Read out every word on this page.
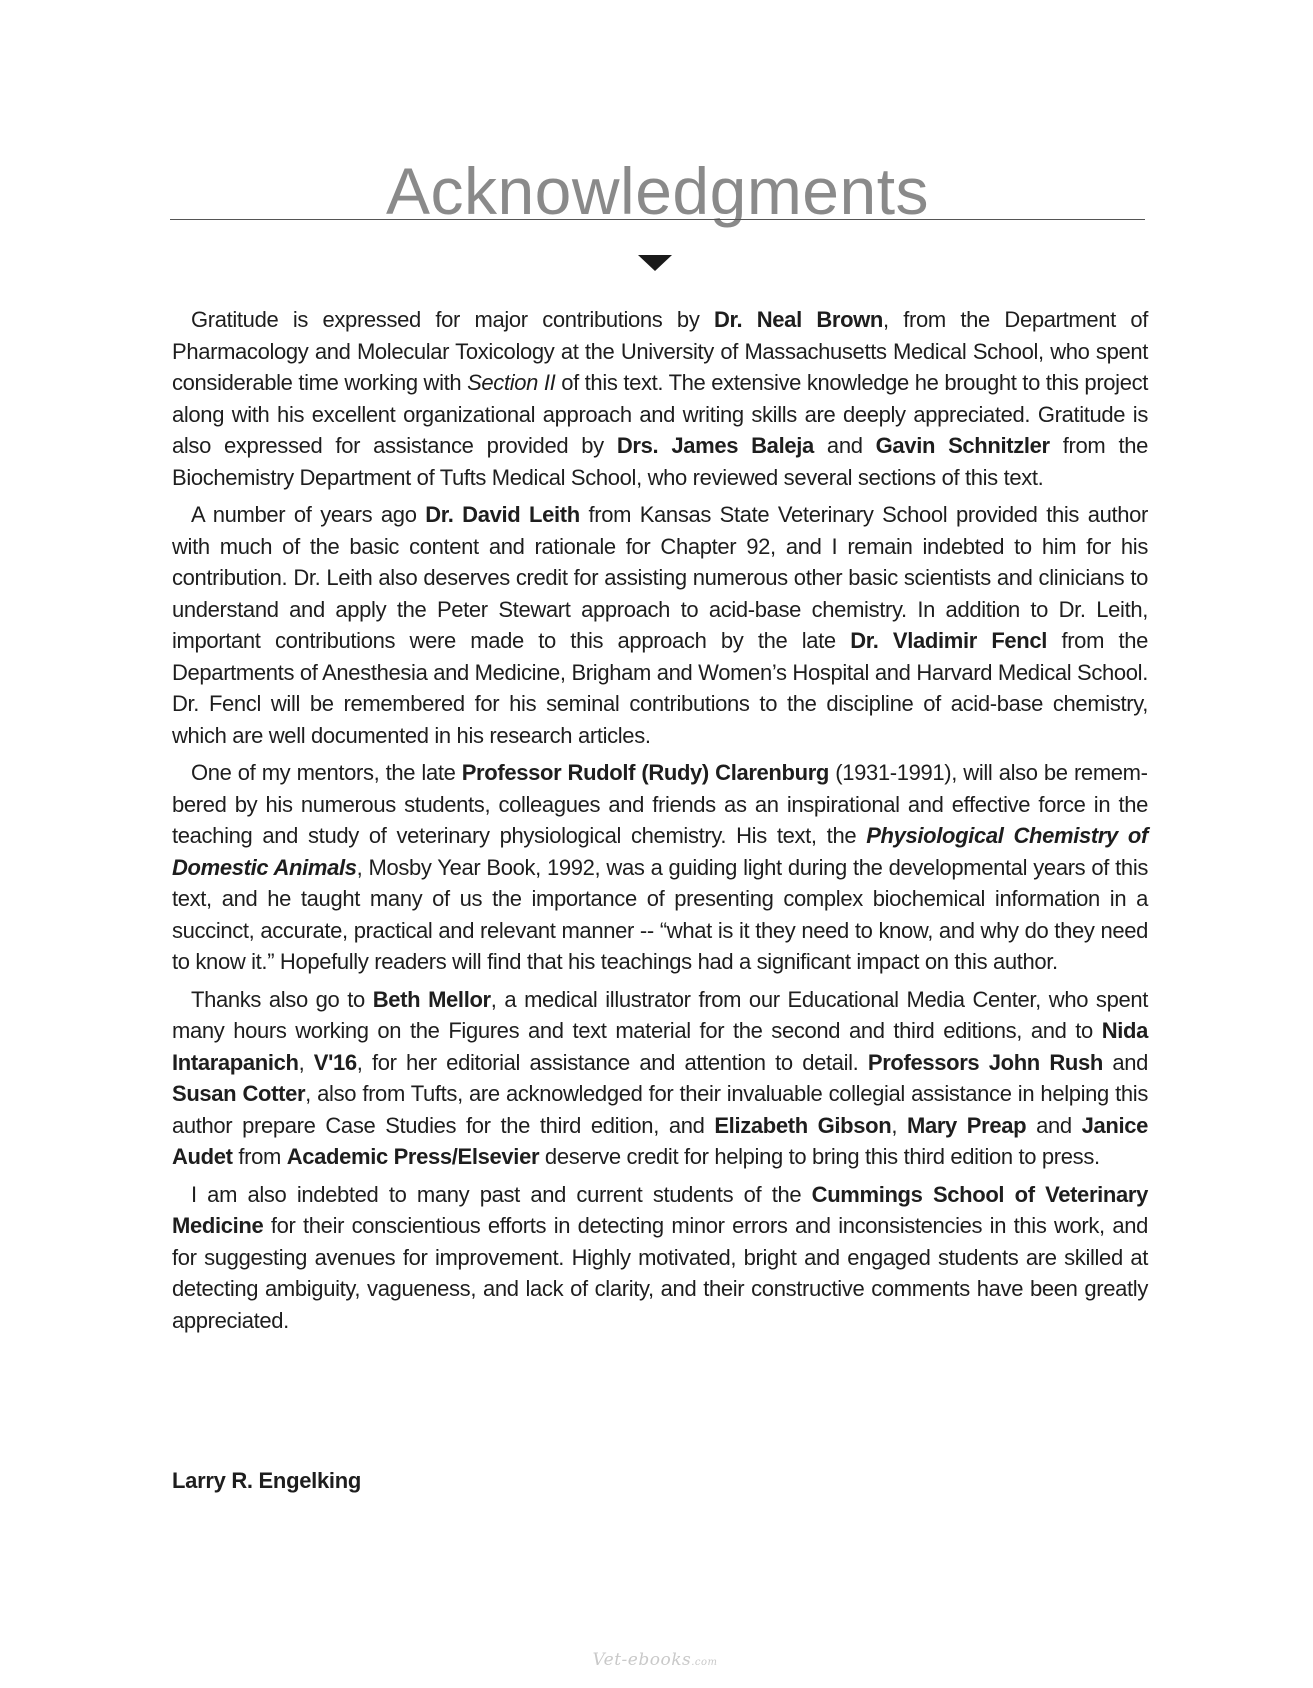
Acknowledgments

Gratitude is expressed for major contributions by Dr. Neal Brown, from the Department of Pharmacology and Molecular Toxicology at the University of Massachusetts Medical School, who spent considerable time working with Section II of this text. The extensive knowledge he brought to this project along with his excellent organizational approach and writing skills are deeply appreciated. Gratitude is also expressed for assistance provided by Drs. James Baleja and Gavin Schnitzler from the Biochemistry Department of Tufts Medical School, who reviewed several sections of this text.

A number of years ago Dr. David Leith from Kansas State Veterinary School provided this author with much of the basic content and rationale for Chapter 92, and I remain indebted to him for his contribution. Dr. Leith also deserves credit for assisting numerous other basic scientists and clinicians to understand and apply the Peter Stewart approach to acid-base chemistry. In addition to Dr. Leith, important contributions were made to this approach by the late Dr. Vladimir Fencl from the Departments of Anesthesia and Medicine, Brigham and Women’s Hospital and Harvard Medical School. Dr. Fencl will be remembered for his seminal contributions to the discipline of acid-base chemistry, which are well documented in his research articles.

One of my mentors, the late Professor Rudolf (Rudy) Clarenburg (1931-1991), will also be remembered by his numerous students, colleagues and friends as an inspirational and effective force in the teaching and study of veterinary physiological chemistry. His text, the Physiological Chemistry of Domestic Animals, Mosby Year Book, 1992, was a guiding light during the developmental years of this text, and he taught many of us the importance of presenting complex biochemical information in a succinct, accurate, practical and relevant manner -- “what is it they need to know, and why do they need to know it.” Hopefully readers will find that his teachings had a significant impact on this author.

Thanks also go to Beth Mellor, a medical illustrator from our Educational Media Center, who spent many hours working on the Figures and text material for the second and third editions, and to Nida Intarapanich, V'16, for her editorial assistance and attention to detail. Professors John Rush and Susan Cotter, also from Tufts, are acknowledged for their invaluable collegial assistance in helping this author prepare Case Studies for the third edition, and Elizabeth Gibson, Mary Preap and Janice Audet from Academic Press/Elsevier deserve credit for helping to bring this third edition to press.

I am also indebted to many past and current students of the Cummings School of Veterinary Medicine for their conscientious efforts in detecting minor errors and inconsistencies in this work, and for suggesting avenues for improvement. Highly motivated, bright and engaged students are skilled at detecting ambiguity, vagueness, and lack of clarity, and their constructive comments have been greatly appreciated.

Larry R. Engelking
Vet-ebooks.com
